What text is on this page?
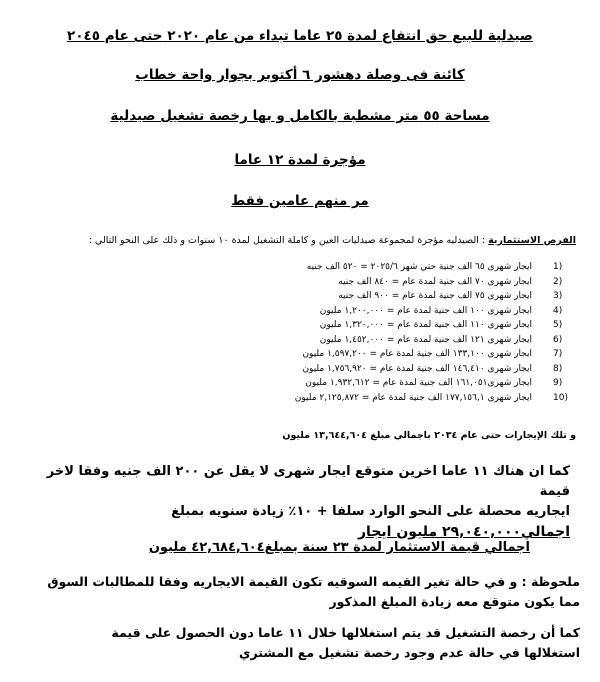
صيدلية للبيع حق انتفاع لمدة ٢٥ عاما تبداء من عام ٢٠٢٠ حتى عام ٢٠٤٥
كائنة فى وصلة دهشور ٦ أكتوبر بجوار واحة خطاب
مساحة ٥٥ متر مشطبة بالكامل و بها رخصة تشغيل صيدلية
مؤجرة لمدة ١٢ عاما
مر منهم عامين فقط
الفرص الاستثمارية : الصيدليه مؤجرة لمجموعة صيدليات العين و كاملة التشغيل لمدة ١٠ سنوات و ذلك على النحو التالي :
1)
ايجار شهرى ٦٥ الف جنية حتي شهر ٢٠٢٥/٦ = ٥٢٠ الف جنيه
2)
ايجار شهرى ٧٠ الف جنية لمدة عام = ٨٤٠ الف جنيه
3)
ايجار شهرى ٧٥ الف جنية لمدة عام = ٩٠٠ الف جنيه
4)
ايجار شهرى ١٠٠ الف جنية لمدة عام = ١,٢٠٠,٠٠٠ مليون
5)
ايجار شهرى ١١٠ الف جنية لمدة عام = ١,٣٢٠,٠٠٠ مليون
6)
ايجار شهرى ١٢١ الف جنية لمدة عام = ١,٤٥٢,٠٠٠ مليون
7)
ايجار شهرى ١٣٣,١٠٠ الف جنية لمدة عام = ١,٥٩٧,٢٠٠ مليون
8)
ايجار شهرى ١٤٦,٤١٠ الف جنية لمدة عام = ١,٧٥٦,٩٢٠ مليون
9)
ايجار شهرى١٦١,٠٥١ الف جنية لمدة عام = ١,٩٣٢,٦١٢ مليون
10)
ايجار شهرى ١٧٧,١٥٦,١ الف جنية لمدة عام = ٢,١٢٥,٨٧٢ مليون
و تلك الإيجارات حتى عام ٢٠٣٤ باجمالي مبلغ ١٣,٦٤٤,٦٠٤ مليون
كما ان هناك ١١ عاما اخرين متوقع ايجار شهرى لا يقل عن ٢٠٠ الف جنيه وفقا لاخر قيمة
ايجاريه محصلة على النحو الوارد سلفا + ١٠٪ زيادة سنويه بمبلغ
اجمالي٢٩,٠٤٠,٠٠٠ مليون ايجار
اجمالي قيمة الاستثمار لمدة ٢٣ سنة بمبلغ٤٢,٦٨٤,٦٠٤ مليون
ملحوظة : و في حالة تغير القيمه السوقيه تكون القيمة الايجاريه وفقا للمطالبات السوق
مما يكون متوقع معه زيادة المبلغ المذكور
كما أن رخصة التشغيل قد يتم استغلالها خلال ١١ عاما دون الحصول على قيمة
استغلالها في حالة عدم وجود رخصة تشغيل مع المشتري
